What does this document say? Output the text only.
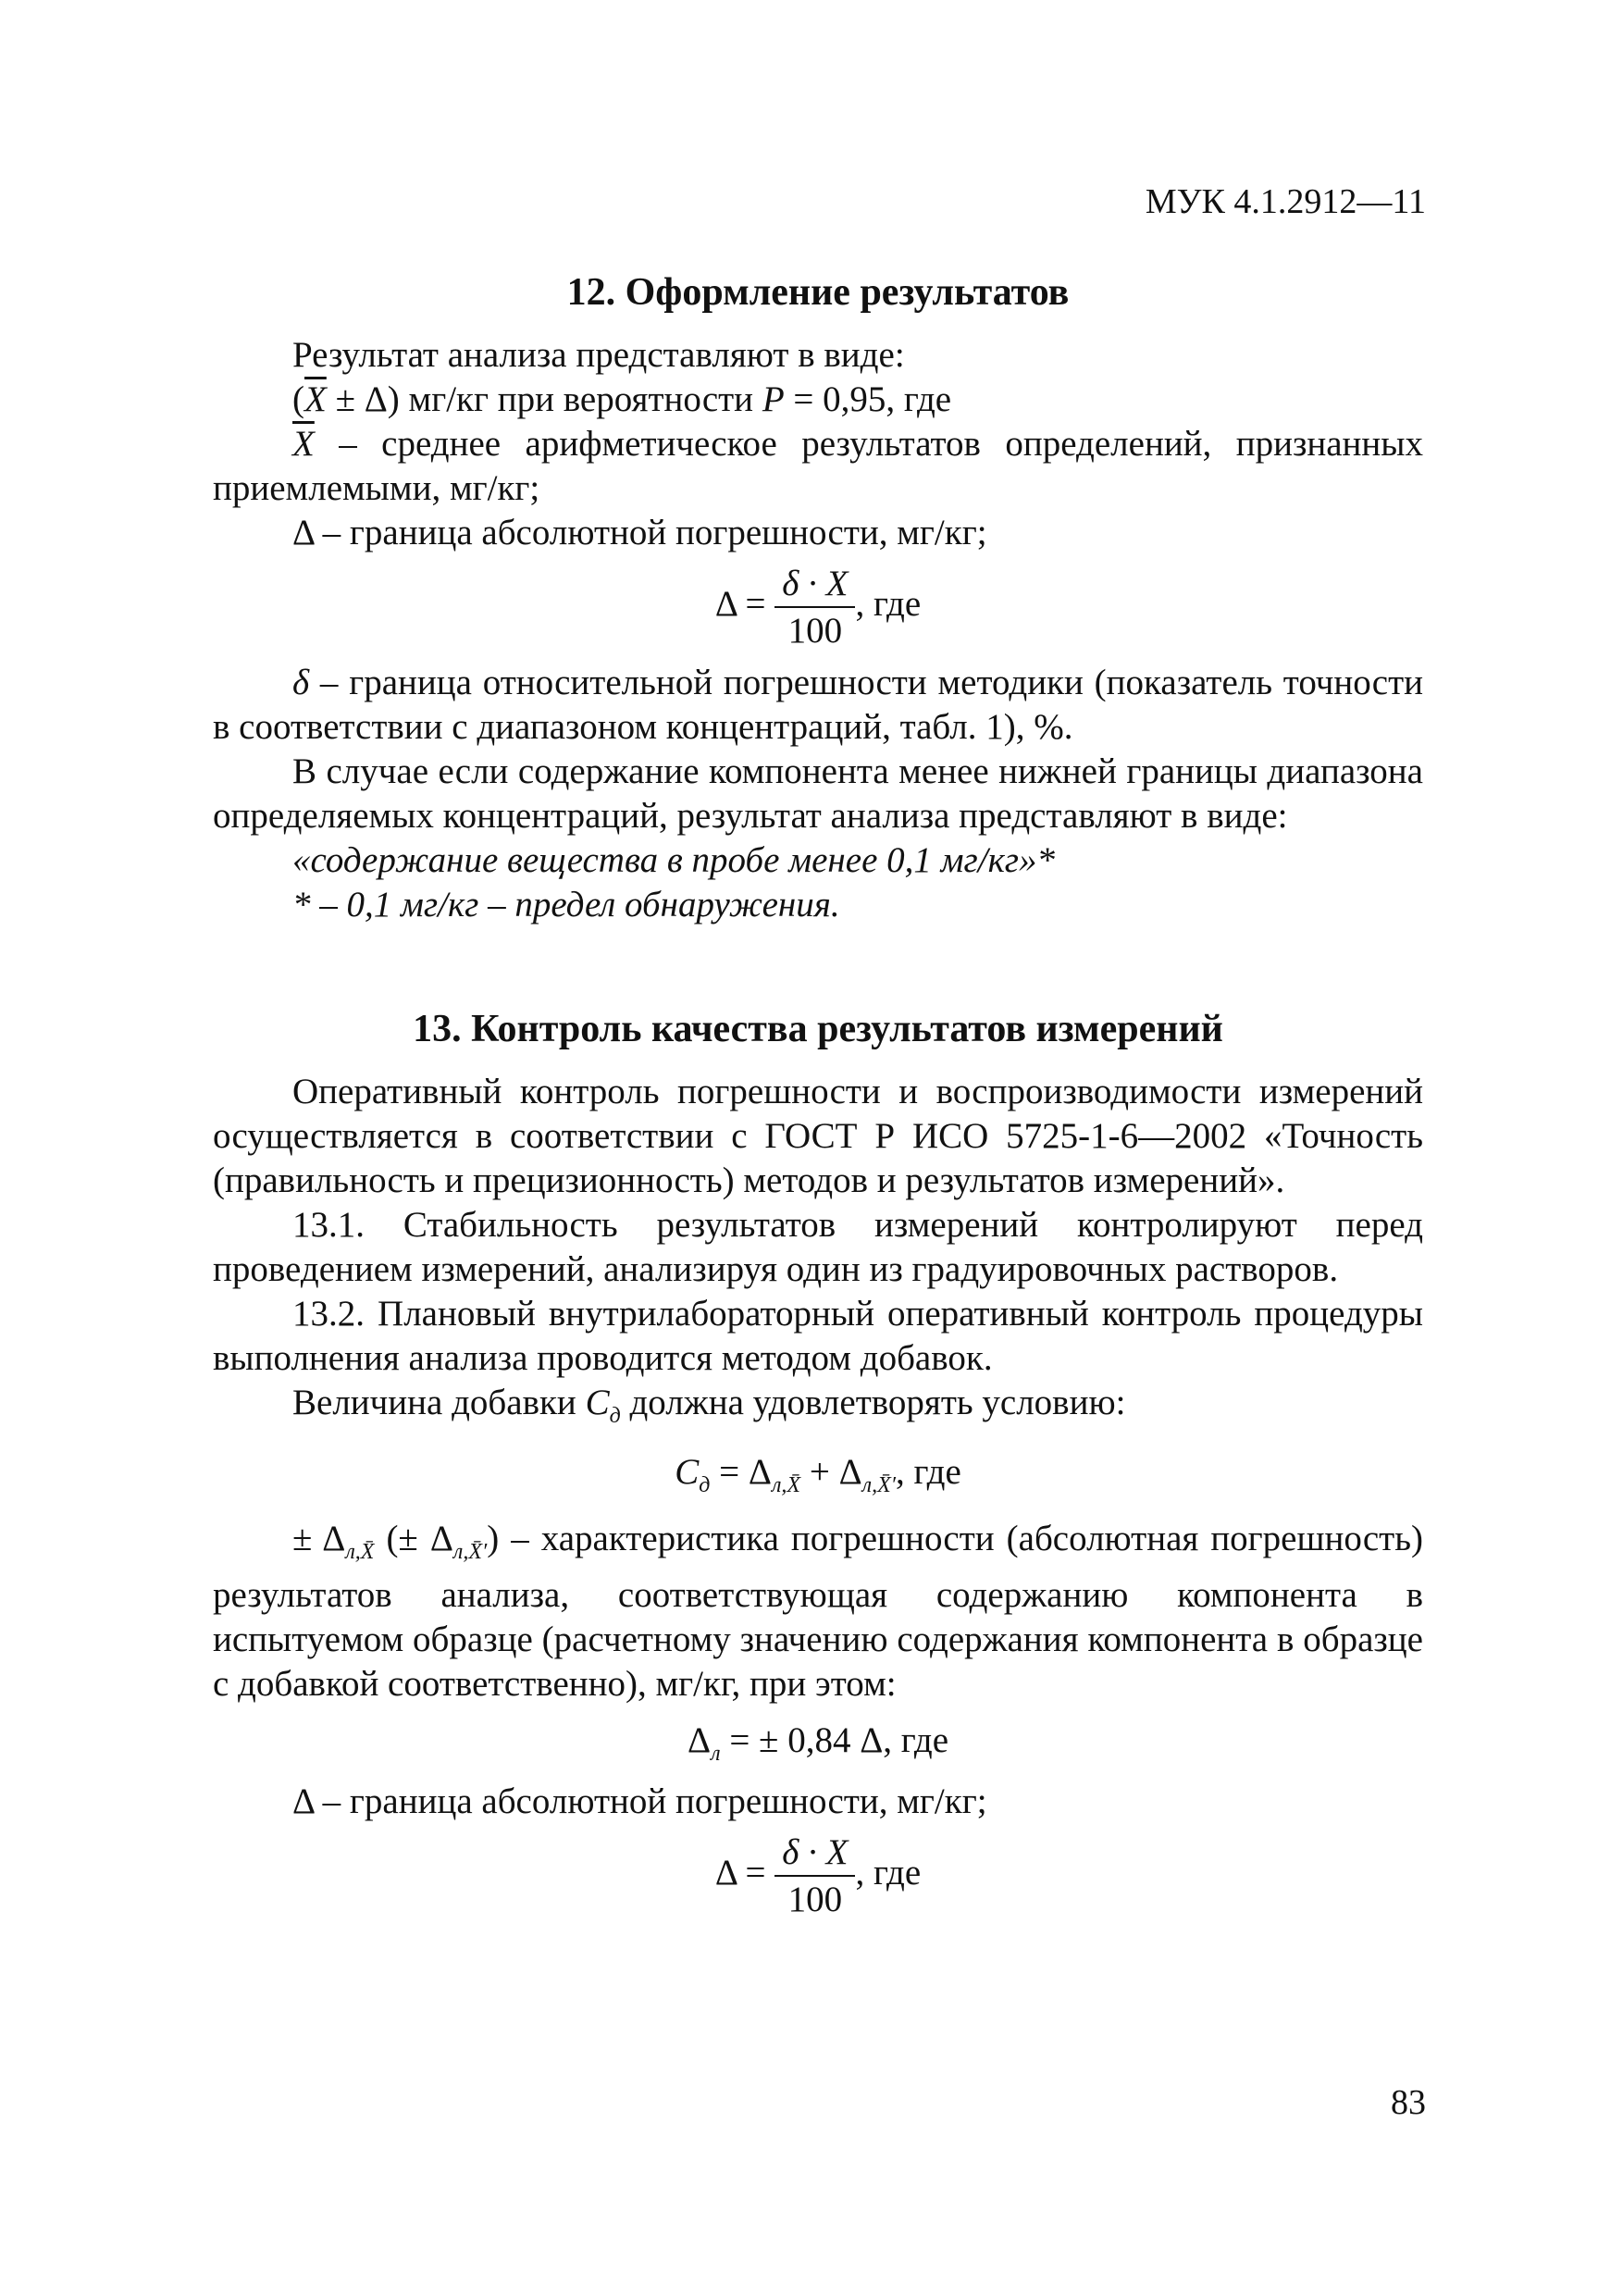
МУК 4.1.2912—11
12. Оформление результатов

Результат анализа представляют в виде:

$(\overline{X} \pm \Delta)$ мг/кг при вероятности P = 0,95, где

$\overline{X}$ – среднее арифметическое результатов определений, признанных приемлемыми, мг/кг;

Δ – граница абсолютной погрешности, мг/кг;

$\Delta = \frac{\delta \cdot X}{100}$ , где

δ – граница относительной погрешности методики (показатель точности в соответствии с диапазоном концентраций, табл. 1), %.

В случае если содержание компонента менее нижней границы диапазона определяемых концентраций, результат анализа представляют в виде:

«содержание вещества в пробе менее 0,1 мг/кг»*

* – 0,1 мг/кг – предел обнаружения.

13. Контроль качества результатов измерений

Оперативный контроль погрешности и воспроизводимости измерений осуществляется в соответствии с ГОСТ Р ИСО 5725-1-6—2002 «Точность (правильность и прецизионность) методов и результатов измерений».

13.1. Стабильность результатов измерений контролируют перед проведением измерений, анализируя один из градуировочных растворов.

13.2. Плановый внутрилабораторный оперативный контроль процедуры выполнения анализа проводится методом добавок.

Величина добавки $C_д$ должна удовлетворять условию:

$C_д = \Delta_{л,X̄} + \Delta_{л,X̄'}$, где

± $\Delta_{л,X̄}$ (± $\Delta_{л,X̄'}$) – характеристика погрешности (абсолютная погрешность) результатов анализа, соответствующая содержанию компонента в испытуемом образце (расчетному значению содержания компонента в образце с добавкой соответственно), мг/кг, при этом:

$\Delta_л$ = ± 0,84 Δ, где

Δ – граница абсолютной погрешности, мг/кг;

$\Delta = \frac{\delta \cdot X}{100}$ , где
83
